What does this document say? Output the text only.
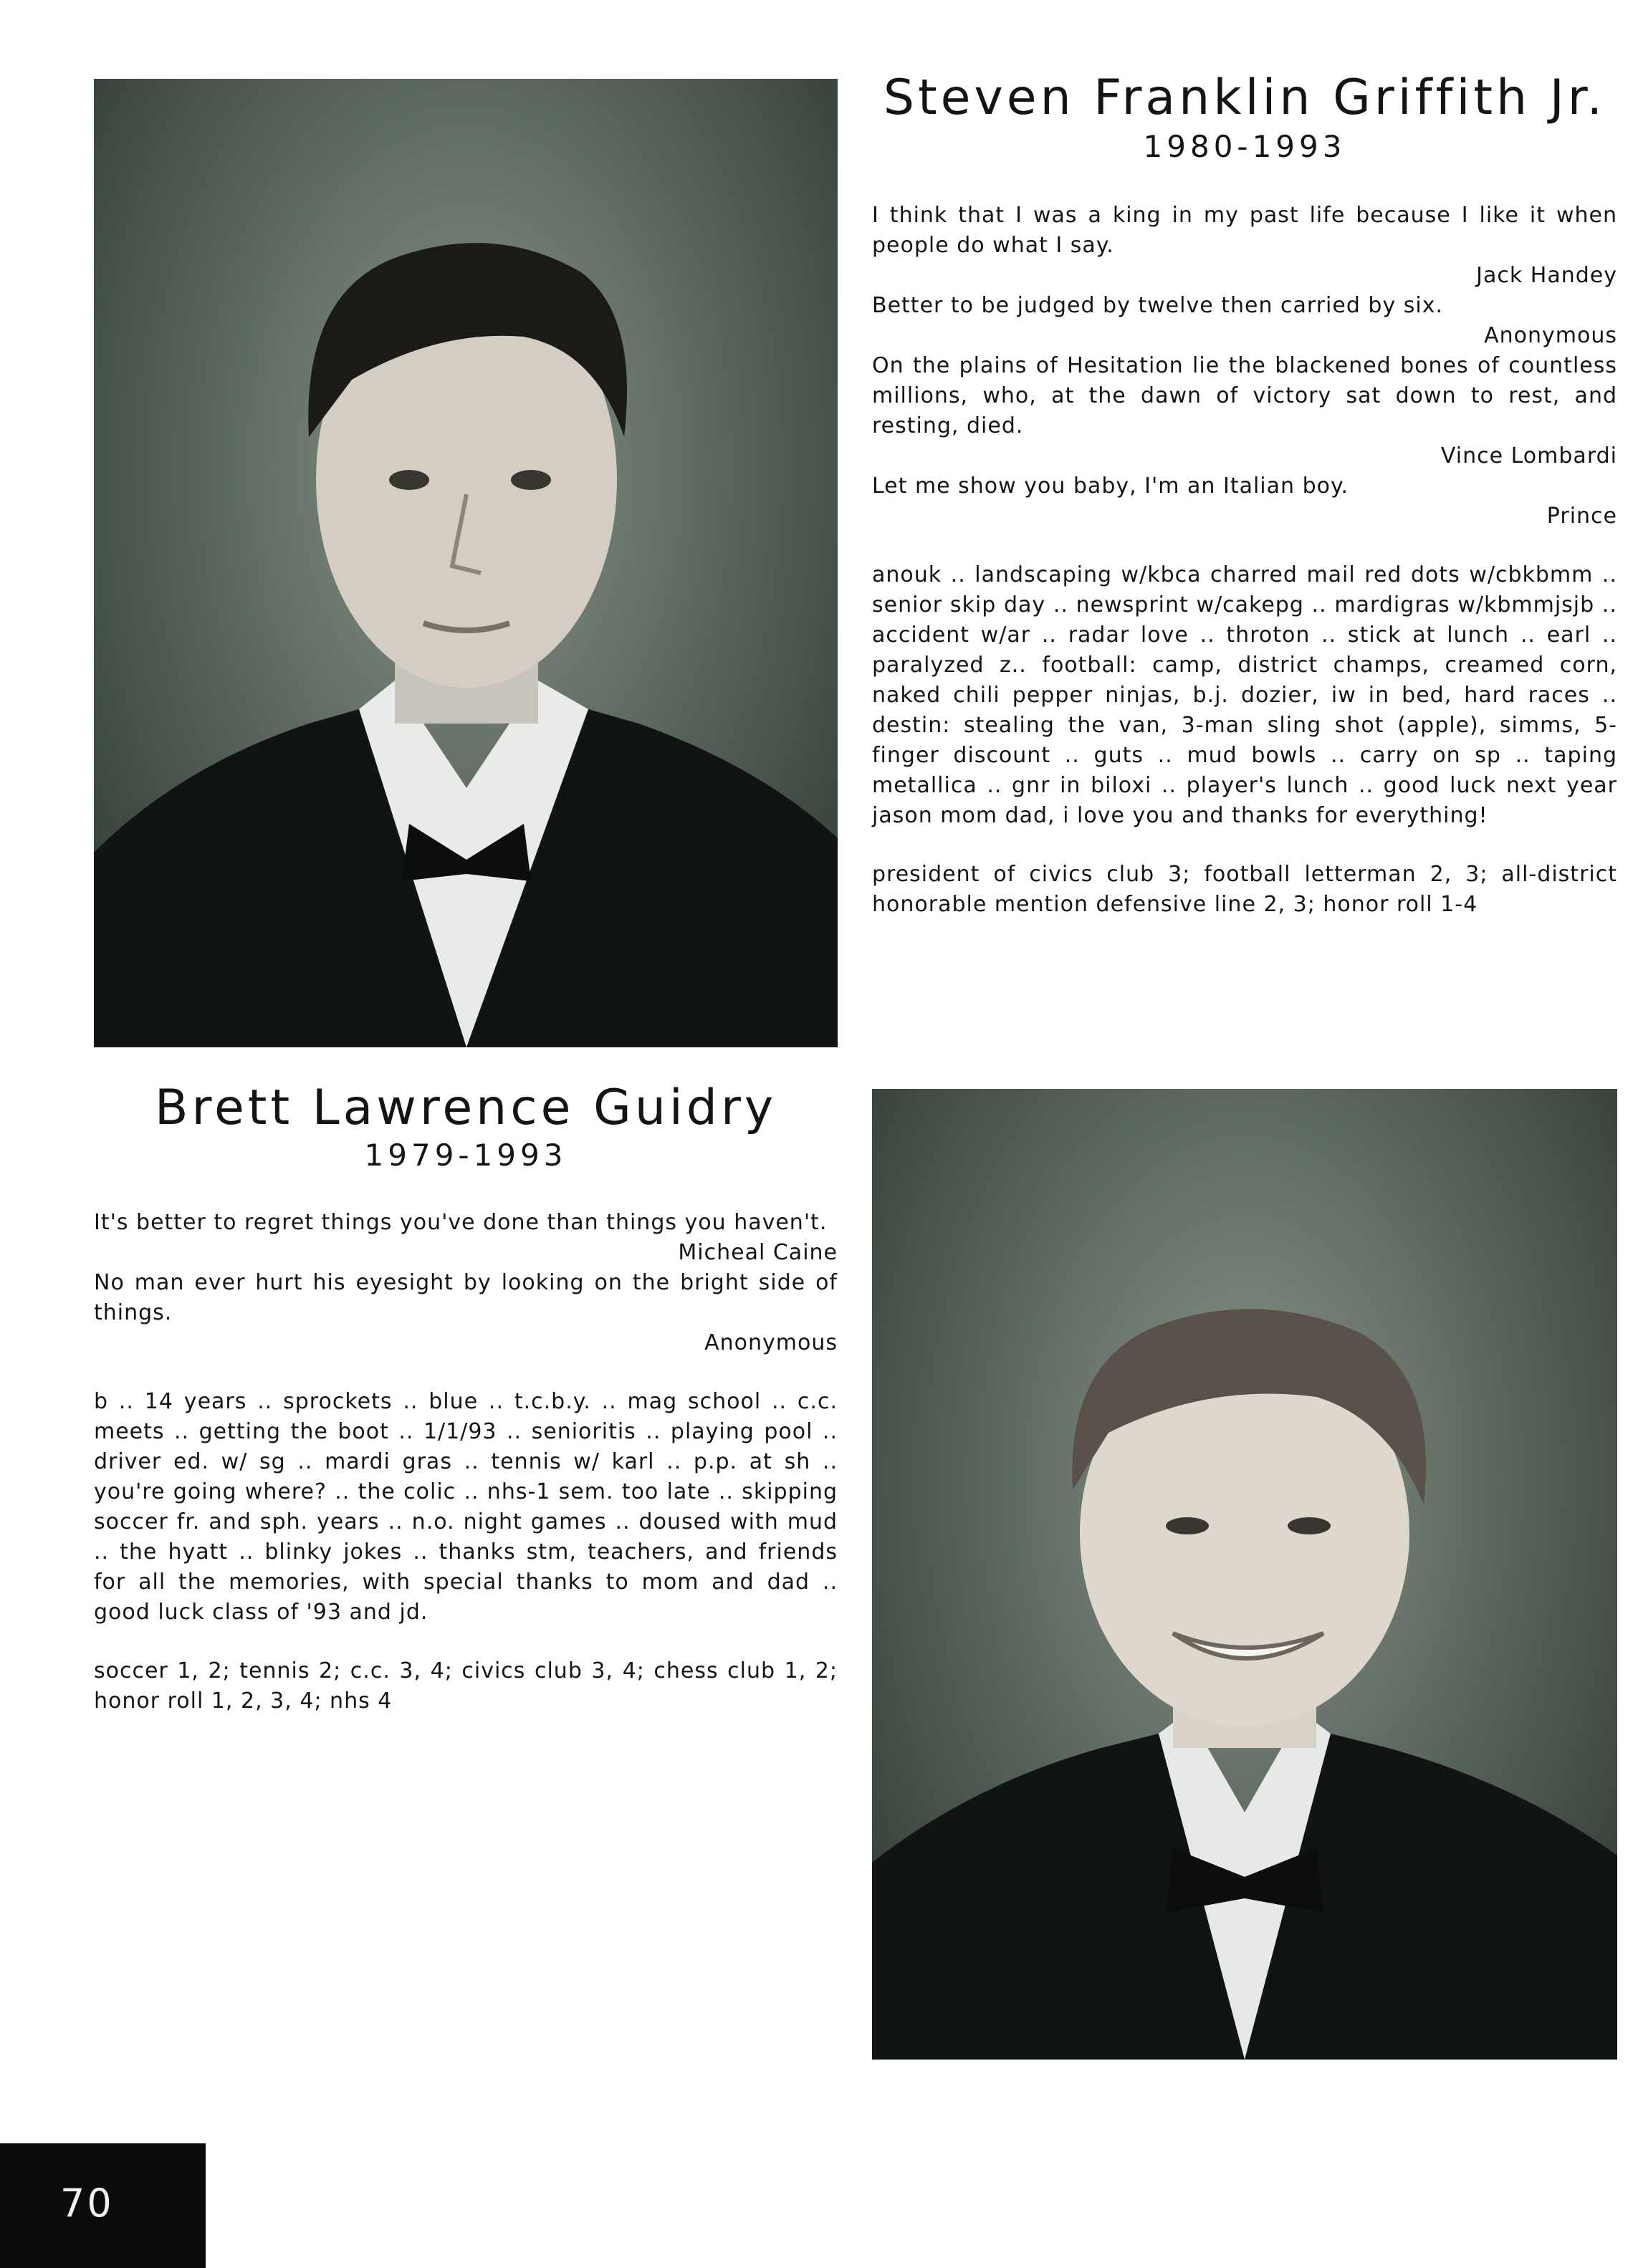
Steven Franklin Griffith Jr.
1980-1993

I think that I was a king in my past life because I like it when people do what I say.

Jack Handey

Better to be judged by twelve then carried by six.

Anonymous

On the plains of Hesitation lie the blackened bones of countless millions, who, at the dawn of victory sat down to rest, and resting, died.

Vince Lombardi

Let me show you baby, I'm an Italian boy.

Prince

anouk .. landscaping w/kbca charred mail red dots w/cbkbmm .. senior skip day .. newsprint w/cakepg .. mardigras w/kbmmjsjb .. accident w/ar .. radar love .. throton .. stick at lunch .. earl .. paralyzed z.. football: camp, district champs, creamed corn, naked chili pepper ninjas, b.j. dozier, iw in bed, hard races .. destin: stealing the van, 3-man sling shot (apple), simms, 5-finger discount .. guts .. mud bowls .. carry on sp .. taping metallica .. gnr in biloxi .. player's lunch .. good luck next year jason mom dad, i love you and thanks for everything!

president of civics club 3; football letterman 2, 3; all-district honorable mention defensive line 2, 3; honor roll 1-4

Brett Lawrence Guidry
1979-1993

It's better to regret things you've done than things you haven't.

Micheal Caine

No man ever hurt his eyesight by looking on the bright side of things.

Anonymous

b .. 14 years .. sprockets .. blue .. t.c.b.y. .. mag school .. c.c. meets .. getting the boot .. 1/1/93 .. senioritis .. playing pool .. driver ed. w/ sg .. mardi gras .. tennis w/ karl .. p.p. at sh .. you're going where? .. the colic .. nhs-1 sem. too late .. skipping soccer fr. and sph. years .. n.o. night games .. doused with mud .. the hyatt .. blinky jokes .. thanks stm, teachers, and friends for all the memories, with special thanks to mom and dad .. good luck class of '93 and jd.

soccer 1, 2; tennis 2; c.c. 3, 4; civics club 3, 4; chess club 1, 2; honor roll 1, 2, 3, 4; nhs 4

70
